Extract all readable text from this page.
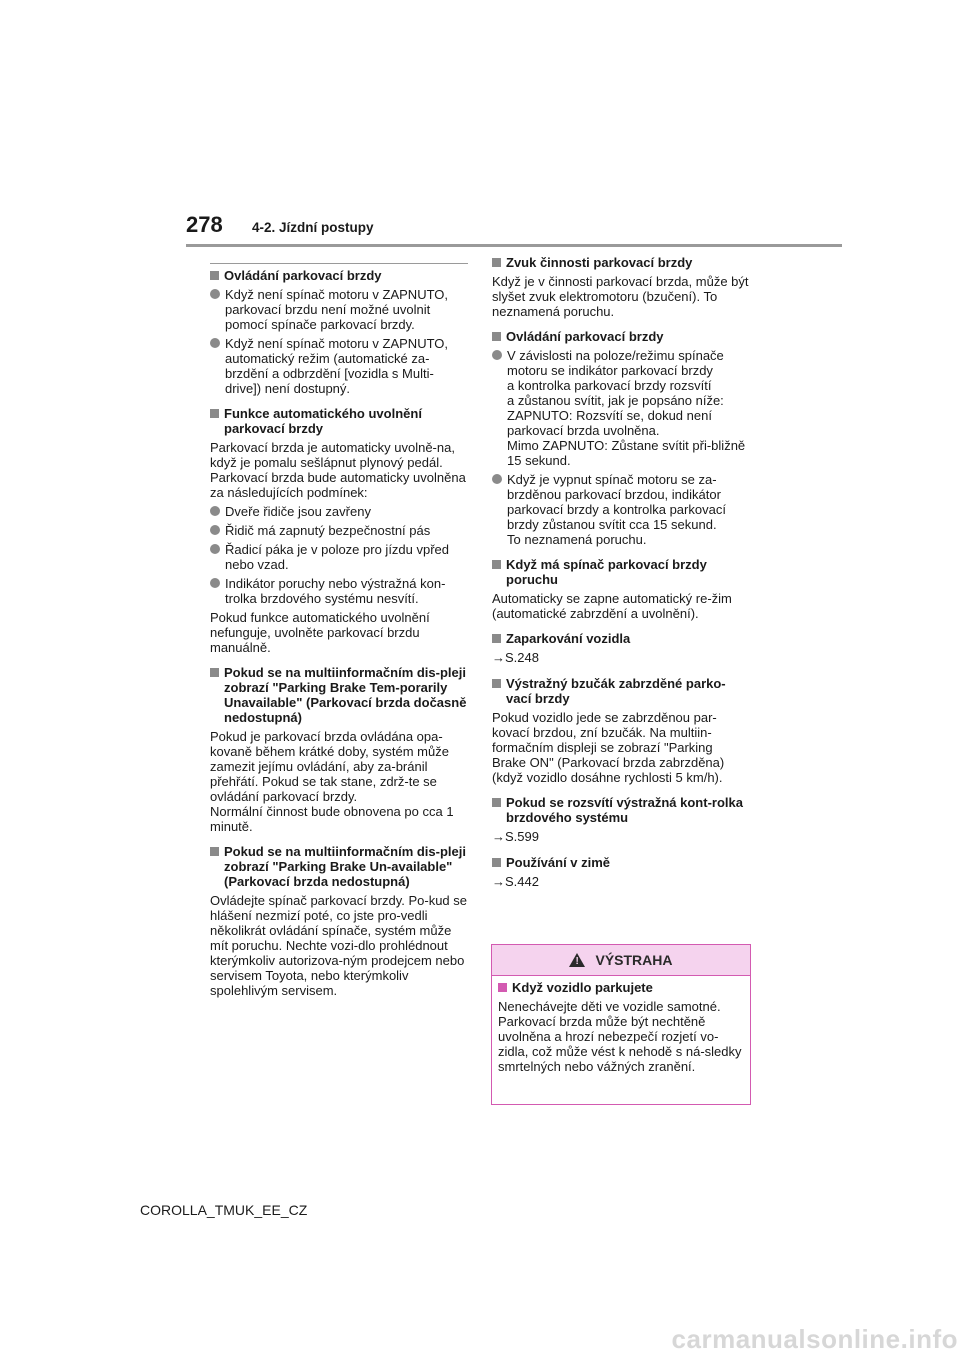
278 4-2. Jízdní postupy
Ovládání parkovací brzdy
Když není spínač motoru v ZAPNUTO, parkovací brzdu není možné uvolnit pomocí spínače parkovací brzdy.
Když není spínač motoru v ZAPNUTO, automatický režim (automatické za-brzdění a odbrzdění [vozidla s Multi-drive]) není dostupný.
Funkce automatického uvolnění parkovací brzdy
Parkovací brzda je automaticky uvolně-na, když je pomalu sešlápnut plynový pedál.
Parkovací brzda bude automaticky uvolněna za následujících podmínek:
Dveře řidiče jsou zavřeny
Řidič má zapnutý bezpečnostní pás
Řadicí páka je v poloze pro jízdu vpřed nebo vzad.
Indikátor poruchy nebo výstražná kon-trolka brzdového systému nesvítí.
Pokud funkce automatického uvolnění nefunguje, uvolněte parkovací brzdu manuálně.
Pokud se na multiinformačním dis-pleji zobrazí "Parking Brake Tem-porarily Unavailable" (Parkovací brzda dočasně nedostupná)
Pokud je parkovací brzda ovládána opa-kovaně během krátké doby, systém může zamezit jejímu ovládání, aby za-bránil přehřátí. Pokud se tak stane, zdrž-te se ovládání parkovací brzdy.
Normální činnost bude obnovena po cca 1 minutě.
Pokud se na multiinformačním dis-pleji zobrazí "Parking Brake Un-available" (Parkovací brzda nedostupná)
Ovládejte spínač parkovací brzdy. Po-kud se hlášení nezmizí poté, co jste pro-vedli několikrát ovládání spínače, systém může mít poruchu. Nechte vozi-dlo prohlédnout kterýmkoliv autorizova-ným prodejcem nebo servisem Toyota, nebo kterýmkoliv spolehlivým servisem.
Zvuk činnosti parkovací brzdy
Když je v činnosti parkovací brzda, může být slyšet zvuk elektromotoru (bzučení). To neznamená poruchu.
Ovládání parkovací brzdy
V závislosti na poloze/režimu spínače motoru se indikátor parkovací brzdy
a kontrolka parkovací brzdy rozsvítí
a zůstanou svítit, jak je popsáno níže:
ZAPNUTO: Rozsvítí se, dokud není parkovací brzda uvolněna.
Mimo ZAPNUTO: Zůstane svítit při-bližně 15 sekund.
Když je vypnut spínač motoru se za-brzděnou parkovací brzdou, indikátor parkovací brzdy a kontrolka parkovací brzdy zůstanou svítit cca 15 sekund.
To neznamená poruchu.
Když má spínač parkovací brzdy poruchu
Automaticky se zapne automatický re-žim (automatické zabrzdění a uvolnění).
Zaparkování vozidla
→S.248
Výstražný bzučák zabrzděné parko-vací brzdy
Pokud vozidlo jede se zabrzděnou par-kovací brzdou, zní bzučák. Na multiin-formačním displeji se zobrazí "Parking Brake ON" (Parkovací brzda zabrzděna) (když vozidlo dosáhne rychlosti 5 km/h).
Pokud se rozsvítí výstražná kont-rolka brzdového systému
→S.599
Používání v zimě
→S.442
! VÝSTRAHA
Když vozidlo parkujete
Nenechávejte děti ve vozidle samotné. Parkovací brzda může být nechtěně uvolněna a hrozí nebezpečí rozjetí vo-zidla, což může vést k nehodě s ná-sledky smrtelných nebo vážných zranění.
COROLLA_TMUK_EE_CZ
carmanualsonline.info
